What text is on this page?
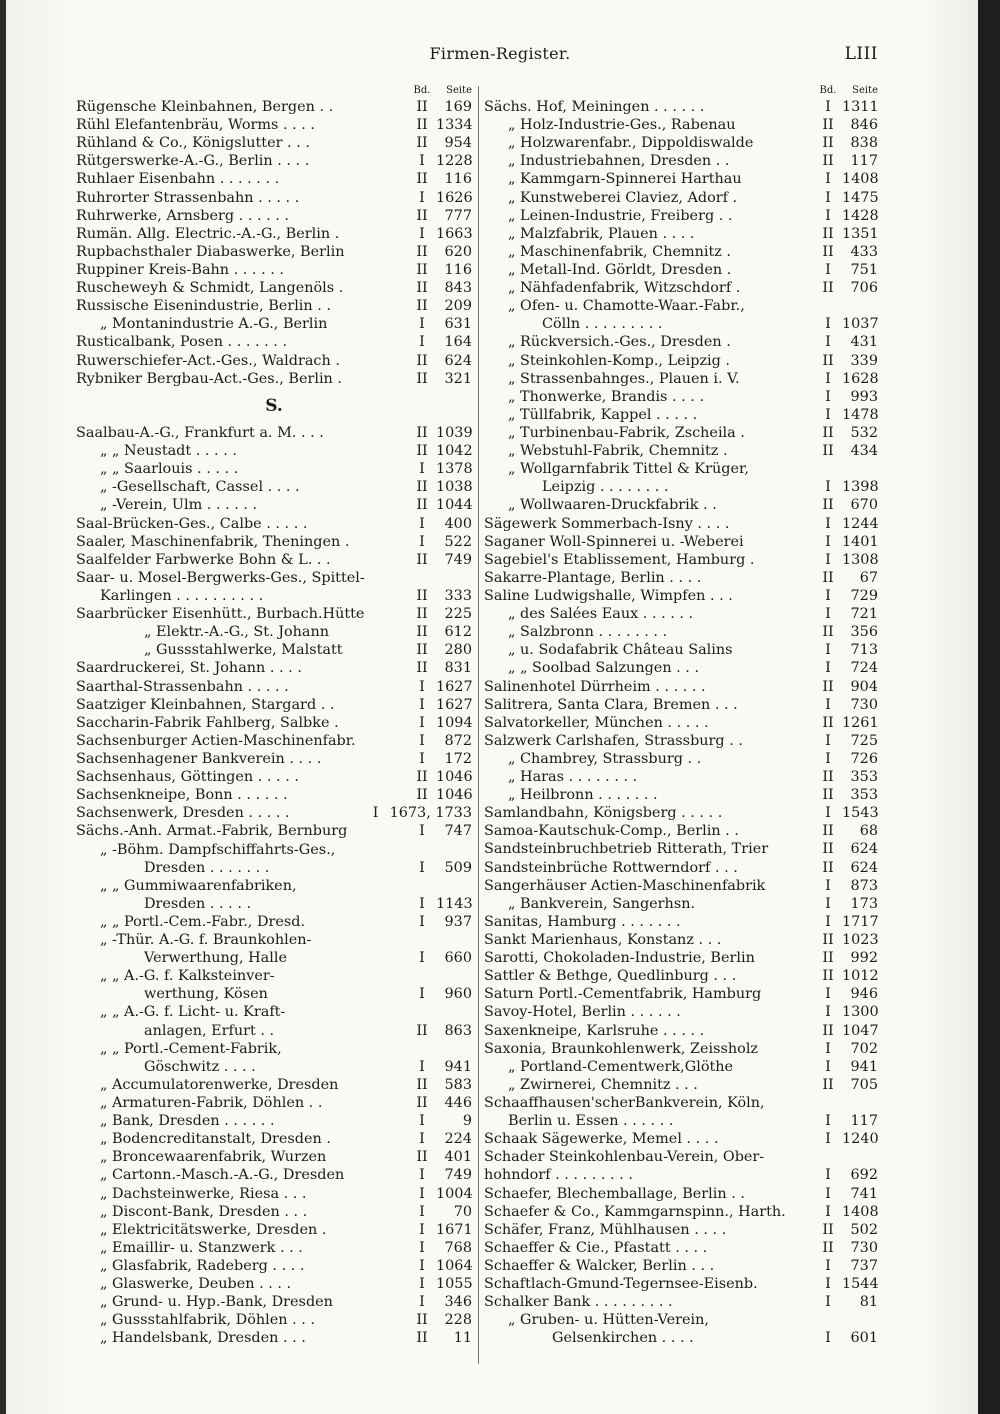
Firmen-Register.	LIII
Bd.	Seite
Rügensche Kleinbahnen, Bergen . .	II	169
Rühl Elefantenbräu, Worms . . . .	II 1334
Rühland & Co., Königslutter . . .	II	954
Rütgerswerke-A.-G., Berlin . . . .	I 1228
Ruhlaer Eisenbahn . . . . . . .	II	116
Ruhrorter Strassenbahn . . . . .	I 1626
Ruhrwerke, Arnsberg . . . . . .	II	777
Rumän. Allg. Electric.-A.-G., Berlin .	I 1663
Rupbachsthaler Diabaswerke, Berlin	II	620
Ruppiner Kreis-Bahn . . . . . .	II	116
Ruscheweyh & Schmidt, Langenöls .	II	843
Russische Eisenindustrie, Berlin . .	II	209
„ Montanindustrie A.-G., Berlin	I	631
Rusticalbank, Posen . . . . . . .	I	164
Ruwerschiefer-Act.-Ges., Waldrach .	II	624
Rybniker Bergbau-Act.-Ges., Berlin .	II	321
S.
Saalbau-A.-G., Frankfurt a. M. . . .	II 1039
„ „ Neustadt . . . . .	II 1042
„ „ Saarlouis . . . . .	I 1378
„ -Gesellschaft, Cassel . . . .	II 1038
„ -Verein, Ulm . . . . . .	II 1044
Saal-Brücken-Ges., Calbe . . . . .	I	400
Saaler, Maschinenfabrik, Theningen .	I	522
Saalfelder Farbwerke Bohn & L. . .	II	749
Saar- u. Mosel-Bergwerks-Ges., Spittel-
Karlingen . . . . . . . . . .	II	333
Saarbrücker Eisenhütt., Burbach.Hütte	II	225
„ Elektr.-A.-G., St. Johann	II	612
„ Gussstahlwerke, Malstatt	II	280
Saardruckerei, St. Johann . . . .	II	831
Saarthal-Strassenbahn . . . . .	I 1627
Saatziger Kleinbahnen, Stargard . .	I 1627
Saccharin-Fabrik Fahlberg, Salbke .	I 1094
Sachsenburger Actien-Maschinenfabr.	I	872
Sachsenhagener Bankverein . . . .	I	172
Sachsenhaus, Göttingen . . . . .	II 1046
Sachsenkneipe, Bonn . . . . . .	II 1046
Sachsenwerk, Dresden . . . . .	I 1673, 1733
Sächs.-Anh. Armat.-Fabrik, Bernburg	I	747
„ -Böhm. Dampfschiffahrts-Ges.,
Dresden . . . . . . .	I	509
„ „ Gummiwaarenfabriken,
Dresden . . . . .	I 1143
„ „ Portl.-Cem.-Fabr., Dresd.	I	937
„ -Thür. A.-G. f. Braunkohlen-
Verwerthung, Halle	I	660
„ „ A.-G. f. Kalksteinver-
werthung, Kösen	I	960
„ „ A.-G. f. Licht- u. Kraft-
anlagen, Erfurt . .	II	863
„ „ Portl.-Cement-Fabrik,
Göschwitz . . . .	I	941
„ Accumulatorenwerke, Dresden	II	583
„ Armaturen-Fabrik, Döhlen . .	II	446
„ Bank, Dresden . . . . . .	I	9
„ Bodencreditanstalt, Dresden .	I	224
„ Broncewaarenfabrik, Wurzen	II	401
„ Cartonn.-Masch.-A.-G., Dresden	I	749
„ Dachsteinwerke, Riesa . . .	I 1004
„ Discont-Bank, Dresden . . .	I	70
„ Elektricitätswerke, Dresden .	I 1671
„ Emaillir- u. Stanzwerk . . .	I	768
„ Glasfabrik, Radeberg . . . .	I 1064
„ Glaswerke, Deuben . . . .	I 1055
„ Grund- u. Hyp.-Bank, Dresden	I	346
„ Gussstahlfabrik, Döhlen . . .	II	228
„ Handelsbank, Dresden . . .	II	11
Bd.	Seite
Sächs. Hof, Meiningen . . . . . .	I 1311
„ Holz-Industrie-Ges., Rabenau	II	846
„ Holzwarenfabr., Dippoldiswalde	II	838
„ Industriebahnen, Dresden . .	II	117
„ Kammgarn-Spinnerei Harthau	I 1408
„ Kunstweberei Claviez, Adorf .	I 1475
„ Leinen-Industrie, Freiberg . .	I 1428
„ Malzfabrik, Plauen . . . .	II 1351
„ Maschinenfabrik, Chemnitz .	II	433
„ Metall-Ind. Görldt, Dresden .	I	751
„ Nähfadenfabrik, Witzschdorf .	II	706
„ Ofen- u. Chamotte-Waar.-Fabr.,
Cölln . . . . . . . . .	I 1037
„ Rückversich.-Ges., Dresden .	I	431
„ Steinkohlen-Komp., Leipzig .	II	339
„ Strassenbahnges., Plauen i. V.	I 1628
„ Thonwerke, Brandis . . . .	I	993
„ Tüllfabrik, Kappel . . . . .	I 1478
„ Turbinenbau-Fabrik, Zscheila .	II	532
„ Webstuhl-Fabrik, Chemnitz .	II	434
„ Wollgarnfabrik Tittel & Krüger,
Leipzig . . . . . . . .	I 1398
„ Wollwaaren-Druckfabrik . .	II	670
Sägewerk Sommerbach-Isny . . . .	I 1244
Saganer Woll-Spinnerei u. -Weberei	I 1401
Sagebiel's Etablissement, Hamburg .	I 1308
Sakarre-Plantage, Berlin . . . .	II	67
Saline Ludwigshalle, Wimpfen . . .	I	729
„ des Salées Eaux . . . . . .	I	721
„ Salzbronn . . . . . . . .	II	356
„ u. Sodafabrik Château Salins	I	713
„ „ Soolbad Salzungen . . .	I	724
Salinenhotel Dürrheim . . . . . .	II	904
Salitrera, Santa Clara, Bremen . . .	I	730
Salvatorkeller, München . . . . .	II 1261
Salzwerk Carlshafen, Strassburg . .	I	725
„ Chambrey, Strassburg . .	I	726
„ Haras . . . . . . . .	II	353
„ Heilbronn . . . . . . .	II	353
Samlandbahn, Königsberg . . . . .	I 1543
Samoa-Kautschuk-Comp., Berlin . .	II	68
Sandsteinbruchbetrieb Ritterath, Trier	II	624
Sandsteinbrüche Rottwerndorf . . .	II	624
Sangerhäuser Actien-Maschinenfabrik	I	873
„ Bankverein, Sangerhsn.	I	173
Sanitas, Hamburg . . . . . . .	I 1717
Sankt Marienhaus, Konstanz . . .	II 1023
Sarotti, Chokoladen-Industrie, Berlin	II	992
Sattler & Bethge, Quedlinburg . . .	II 1012
Saturn Portl.-Cementfabrik, Hamburg	I	946
Savoy-Hotel, Berlin . . . . . .	I 1300
Saxenkneipe, Karlsruhe . . . . .	II 1047
Saxonia, Braunkohlenwerk, Zeissholz	I	702
„ Portland-Cementwerk,Glöthe	I	941
„ Zwirnerei, Chemnitz . . .	II	705
Schaaffhausen'scherBankverein, Köln,
Berlin u. Essen . . . . . .	I	117
Schaak Sägewerke, Memel . . . .	I 1240
Schader Steinkohlenbau-Verein, Ober-
hohndorf . . . . . . . . .	I	692
Schaefer, Blechemballage, Berlin . .	I	741
Schaefer & Co., Kammgarnspinn., Harth.	I 1408
Schäfer, Franz, Mühlhausen . . . .	II	502
Schaeffer & Cie., Pfastatt . . . .	II	730
Schaeffer & Walcker, Berlin . . .	I	737
Schaftlach-Gmund-Tegernsee-Eisenb.	I 1544
Schalker Bank . . . . . . . . .	I	81
„ Gruben- u. Hütten-Verein,
Gelsenkirchen . . . .	I	601
